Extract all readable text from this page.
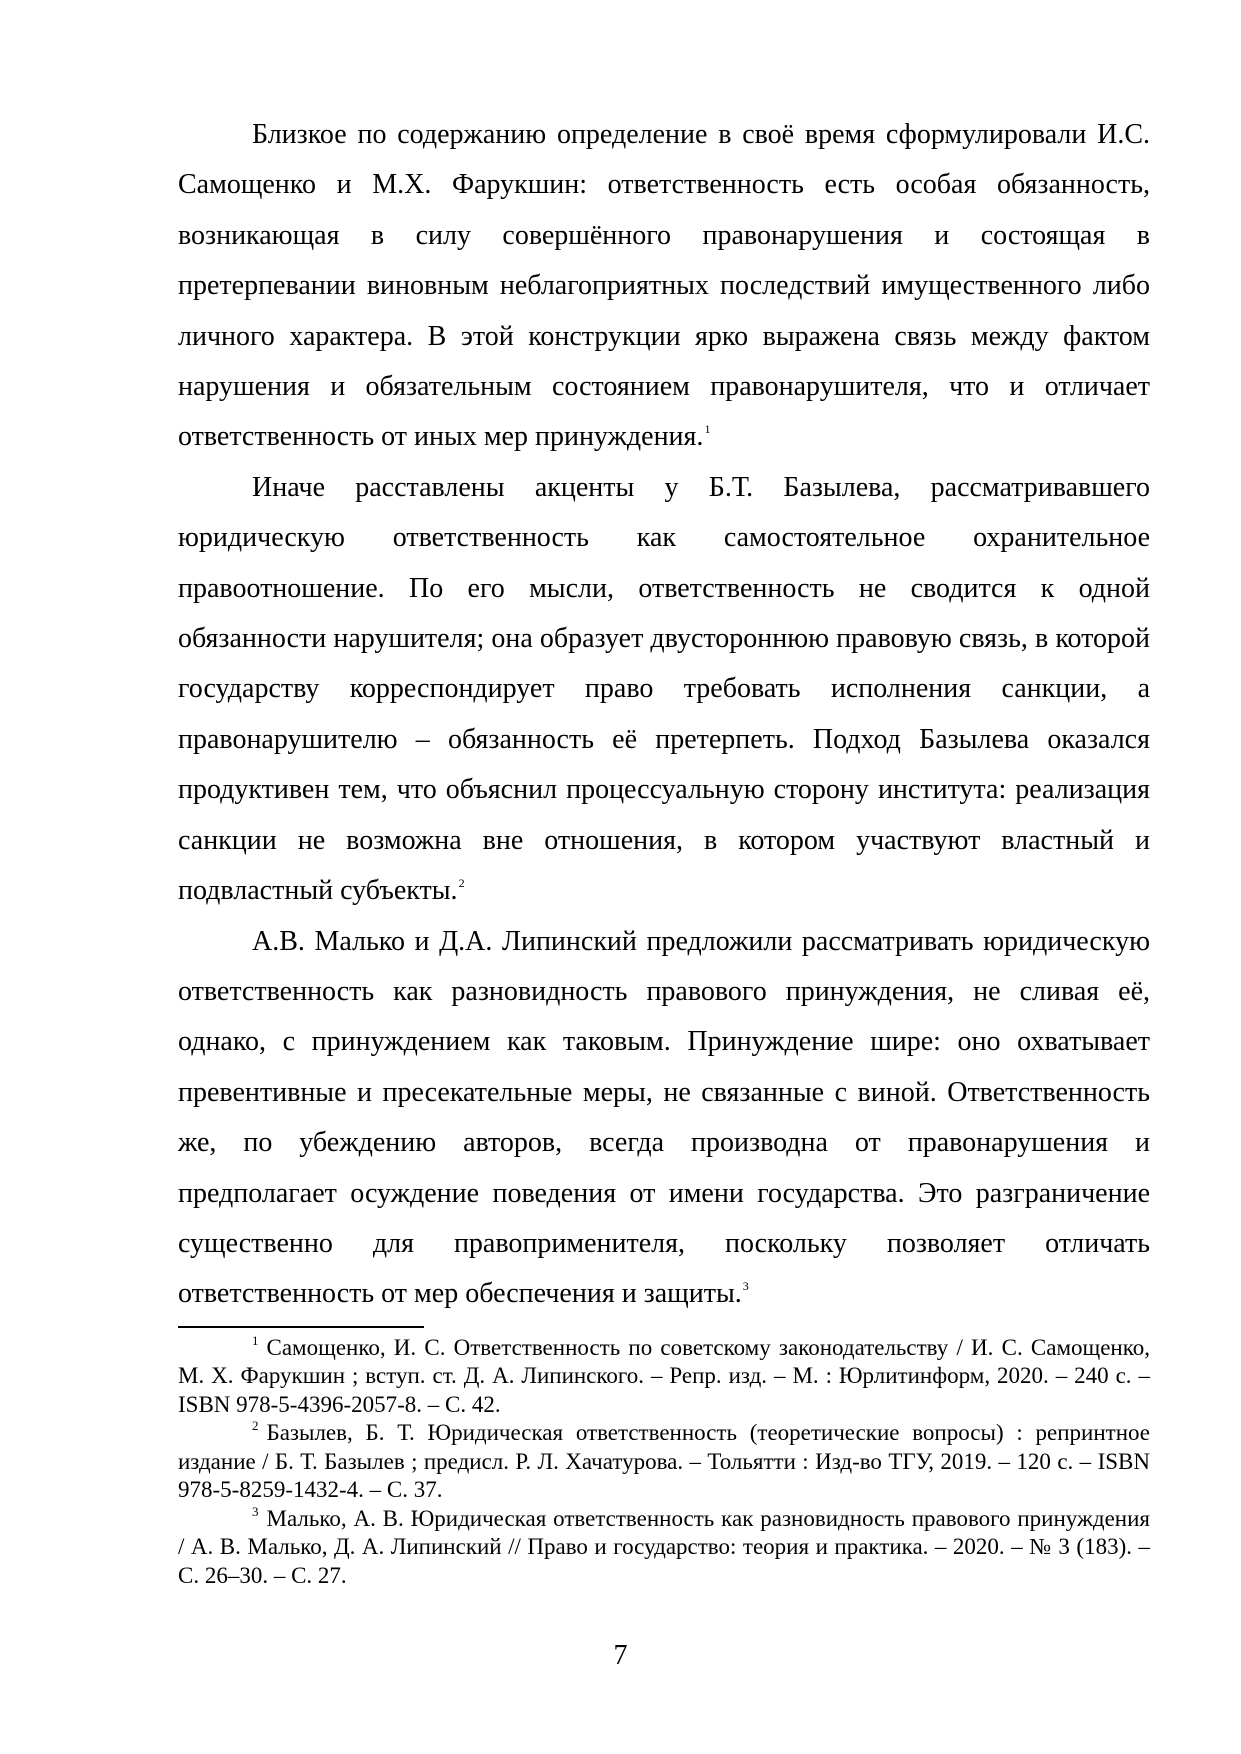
Близкое по содержанию определение в своё время сформулировали И.С. Самощенко и М.Х. Фарукшин: ответственность есть особая обязанность, возникающая в силу совершённого правонарушения и состоящая в претерпевании виновным неблагоприятных последствий имущественного либо личного характера. В этой конструкции ярко выражена связь между фактом нарушения и обязательным состоянием правонарушителя, что и отличает ответственность от иных мер принуждения.$^1$

Иначе расставлены акценты у Б.Т. Базылева, рассматривавшего юридическую ответственность как самостоятельное охранительное правоотношение. По его мысли, ответственность не сводится к одной обязанности нарушителя; она образует двустороннюю правовую связь, в которой государству корреспондирует право требовать исполнения санкции, а правонарушителю – обязанность её претерпеть. Подход Базылева оказался продуктивен тем, что объяснил процессуальную сторону института: реализация санкции не возможна вне отношения, в котором участвуют властный и подвластный субъекты.$^2$

А.В. Малько и Д.А. Липинский предложили рассматривать юридическую ответственность как разновидность правового принуждения, не сливая её, однако, с принуждением как таковым. Принуждение шире: оно охватывает превентивные и пресекательные меры, не связанные с виной. Ответственность же, по убеждению авторов, всегда производна от правонарушения и предполагает осуждение поведения от имени государства. Это разграничение существенно для правоприменителя, поскольку позволяет отличать ответственность от мер обеспечения и защиты.$^3$

$^1$ Самощенко, И. С. Ответственность по советскому законодательству / И. С. Самощенко, М. Х. Фарукшин ; вступ. ст. Д. А. Липинского. – Репр. изд. – М. : Юрлитинформ, 2020. – 240 с. – ISBN 978-5-4396-2057-8. – С. 42.

$^2$ Базылев, Б. Т. Юридическая ответственность (теоретические вопросы) : репринтное издание / Б. Т. Базылев ; предисл. Р. Л. Хачатурова. – Тольятти : Изд-во ТГУ, 2019. – 120 с. – ISBN 978-5-8259-1432-4. – С. 37.

$^3$ Малько, А. В. Юридическая ответственность как разновидность правового принуждения / А. В. Малько, Д. А. Липинский // Право и государство: теория и практика. – 2020. – № 3 (183). – С. 26–30. – С. 27.

7
